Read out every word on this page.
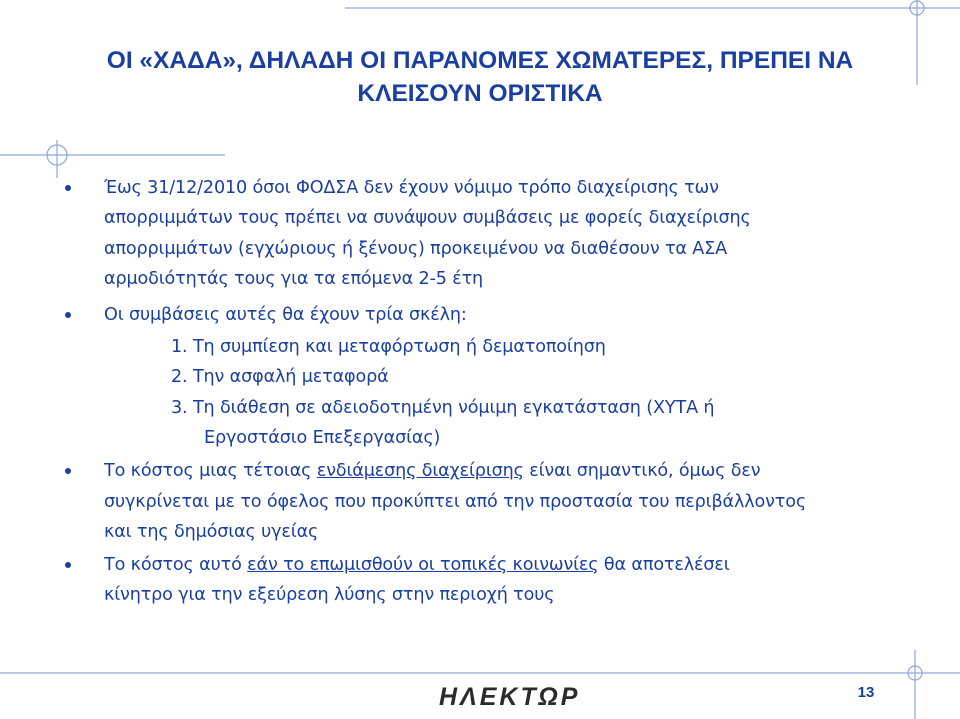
ΟΙ «ΧΑΔΑ», ΔΗΛΑΔΗ ΟΙ ΠΑΡΑΝΟΜΕΣ ΧΩΜΑΤΕΡΕΣ, ΠΡΕΠΕΙ ΝΑ
ΚΛΕΙΣΟΥΝ ΟΡΙΣΤΙΚΑ
Έως 31/12/2010 όσοι ΦΟΔΣΑ δεν έχουν νόμιμο τρόπο διαχείρισης των
απορριμμάτων τους πρέπει να συνάψουν συμβάσεις με φορείς διαχείρισης
απορριμμάτων (εγχώριους ή ξένους) προκειμένου να διαθέσουν τα ΑΣΑ
αρμοδιότητάς τους για τα επόμενα 2-5 έτη
Οι συμβάσεις αυτές θα έχουν τρία σκέλη:
1. Τη συμπίεση και μεταφόρτωση ή δεματοποίηση
2. Την ασφαλή μεταφορά
3. Τη διάθεση σε αδειοδοτημένη νόμιμη εγκατάσταση (ΧΥΤΑ ή
Εργοστάσιο Επεξεργασίας)
Το κόστος μιας τέτοιας ενδιάμεσης διαχείρισης είναι σημαντικό, όμως δεν
συγκρίνεται με το όφελος που προκύπτει από την προστασία του περιβάλλοντος
και της δημόσιας υγείας
Το κόστος αυτό εάν το επωμισθούν οι τοπικές κοινωνίες θα αποτελέσει
κίνητρο για την εξεύρεση λύσης στην περιοχή τους
ΗΛΕΚΤΩΡ	13
